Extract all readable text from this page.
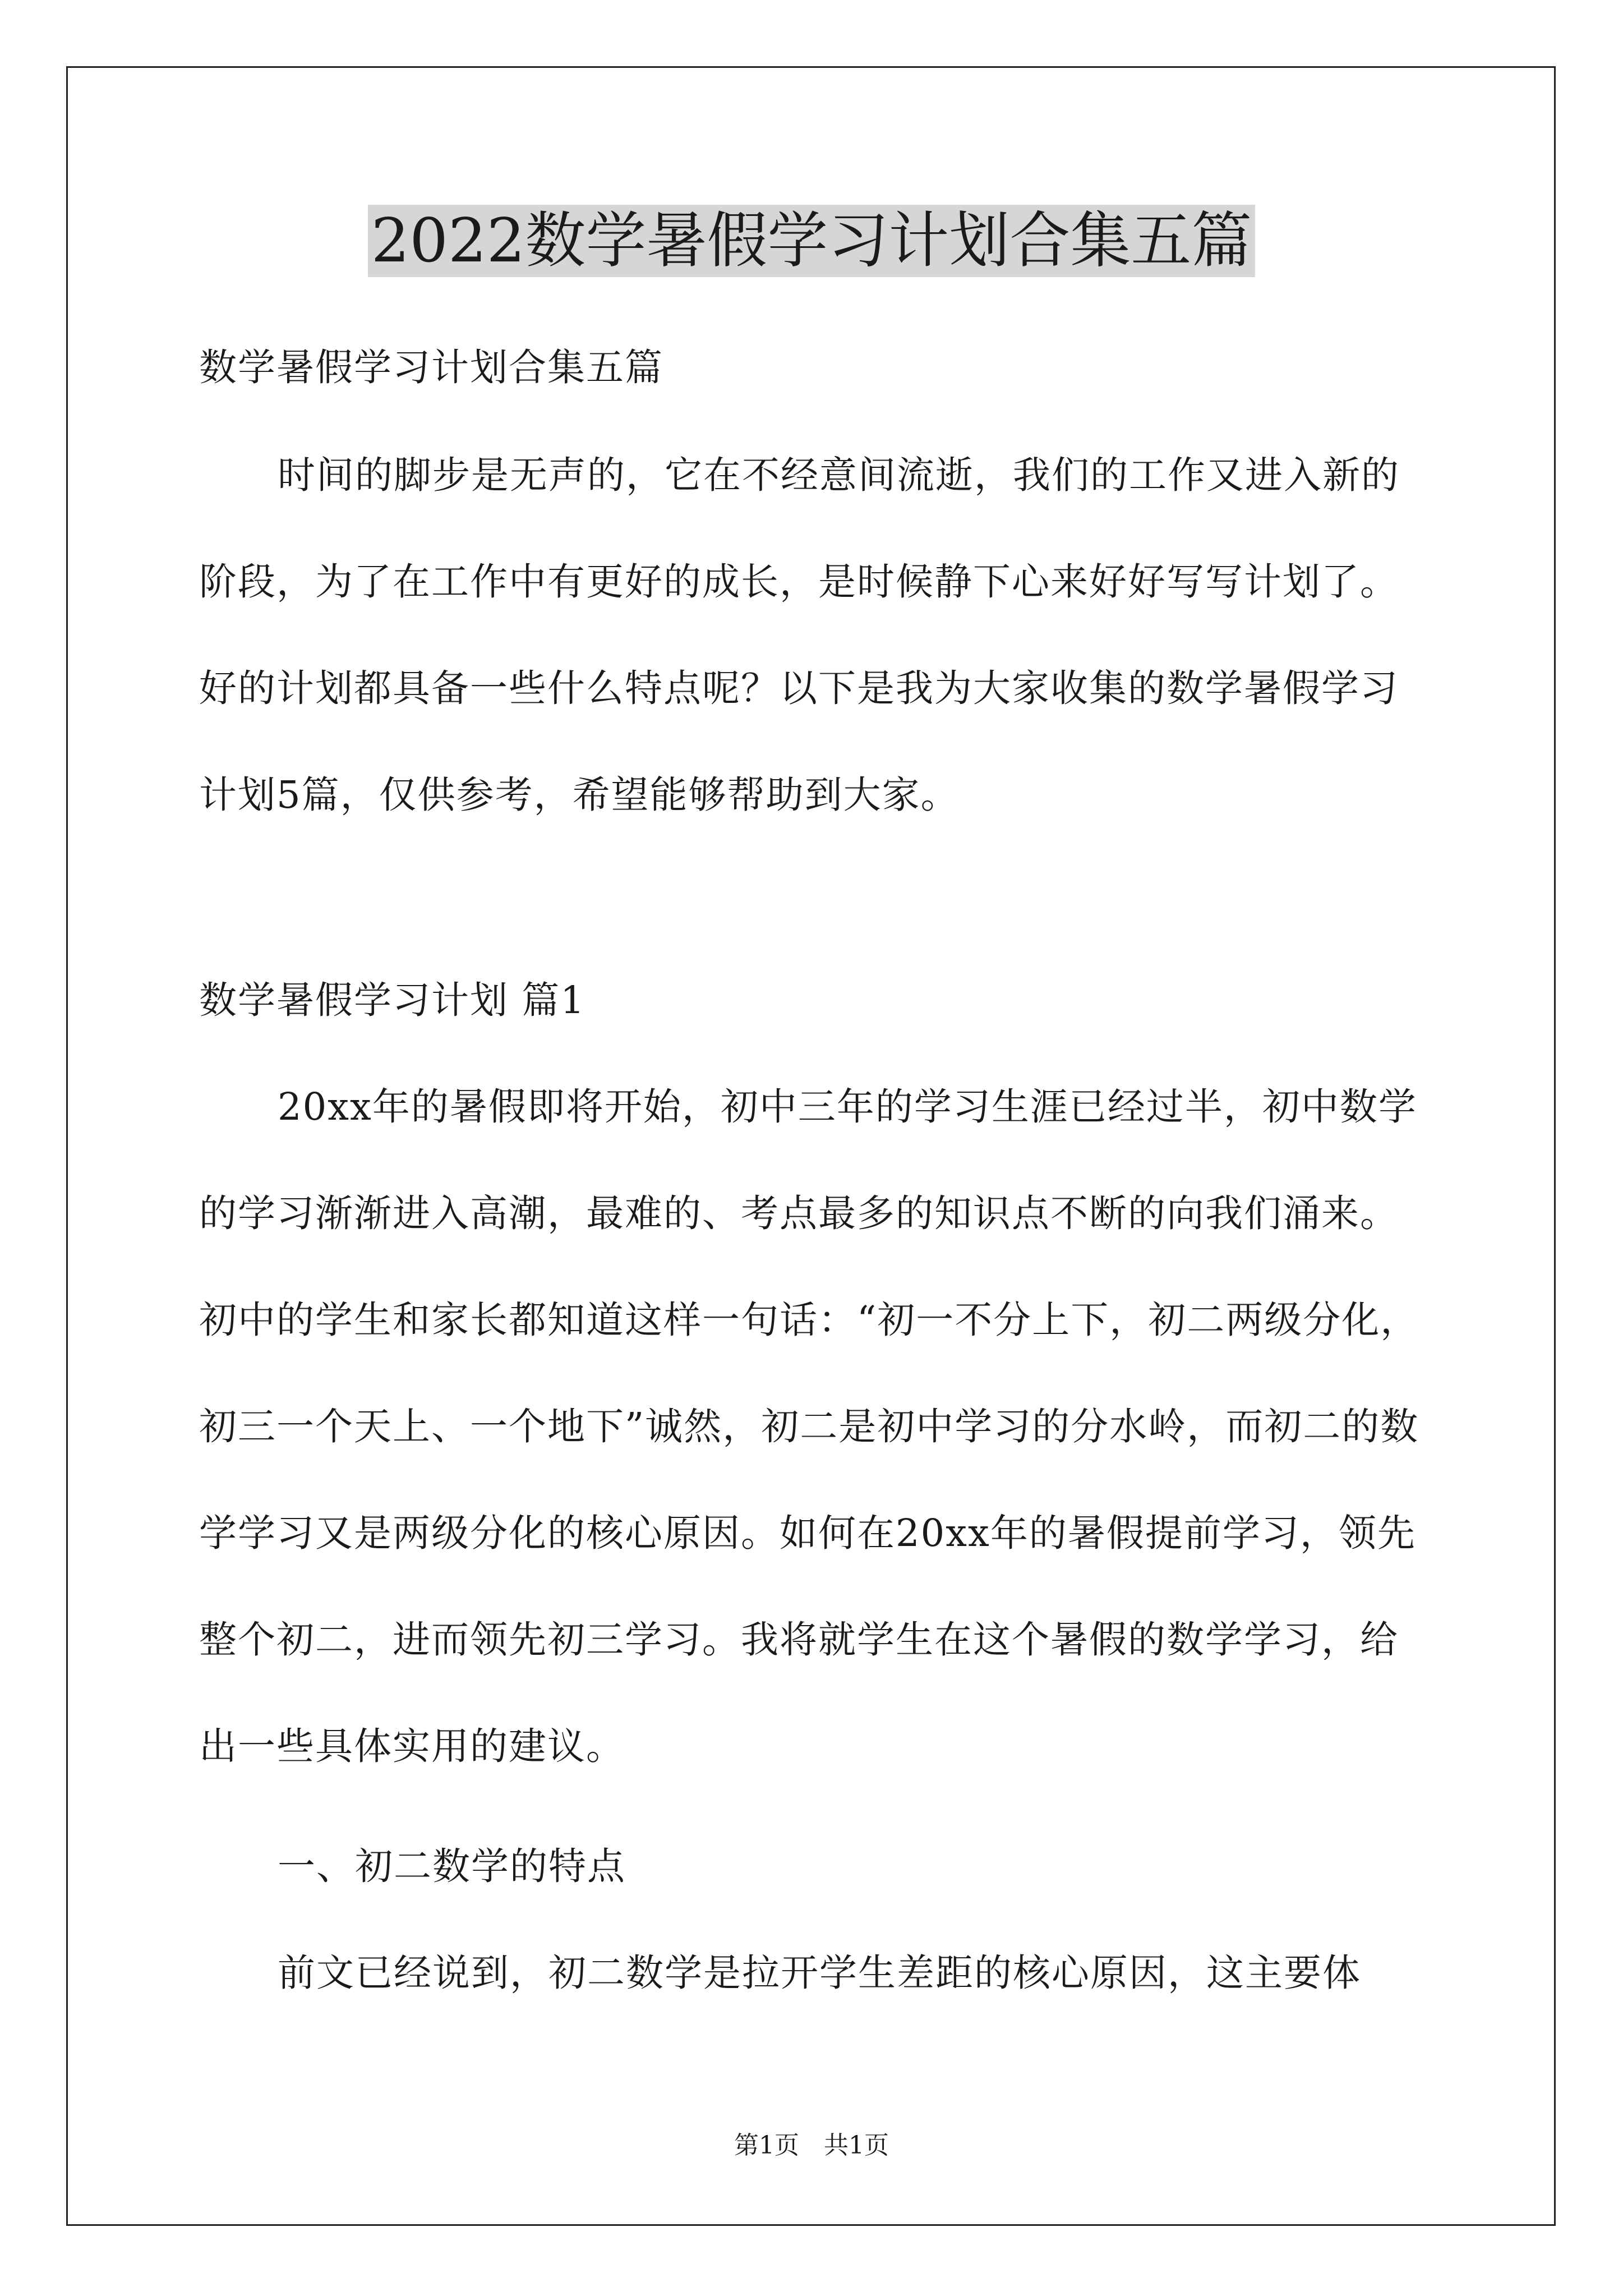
2022数学暑假学习计划合集五篇

数学暑假学习计划合集五篇

时间的脚步是无声的，它在不经意间流逝，我们的工作又进入新的阶段，为了在工作中有更好的成长，是时候静下心来好好写写计划了。好的计划都具备一些什么特点呢？以下是我为大家收集的数学暑假学习计划5篇，仅供参考，希望能够帮助到大家。

数学暑假学习计划 篇1

20xx年的暑假即将开始，初中三年的学习生涯已经过半，初中数学的学习渐渐进入高潮，最难的、考点最多的知识点不断的向我们涌来。初中的学生和家长都知道这样一句话：“初一不分上下，初二两级分化，初三一个天上、一个地下”诚然，初二是初中学习的分水岭，而初二的数学学习又是两级分化的核心原因。如何在20xx年的暑假提前学习，领先整个初二，进而领先初三学习。我将就学生在这个暑假的数学学习，给出一些具体实用的建议。

一、初二数学的特点

前文已经说到，初二数学是拉开学生差距的核心原因，这主要体

第1页　共1页
